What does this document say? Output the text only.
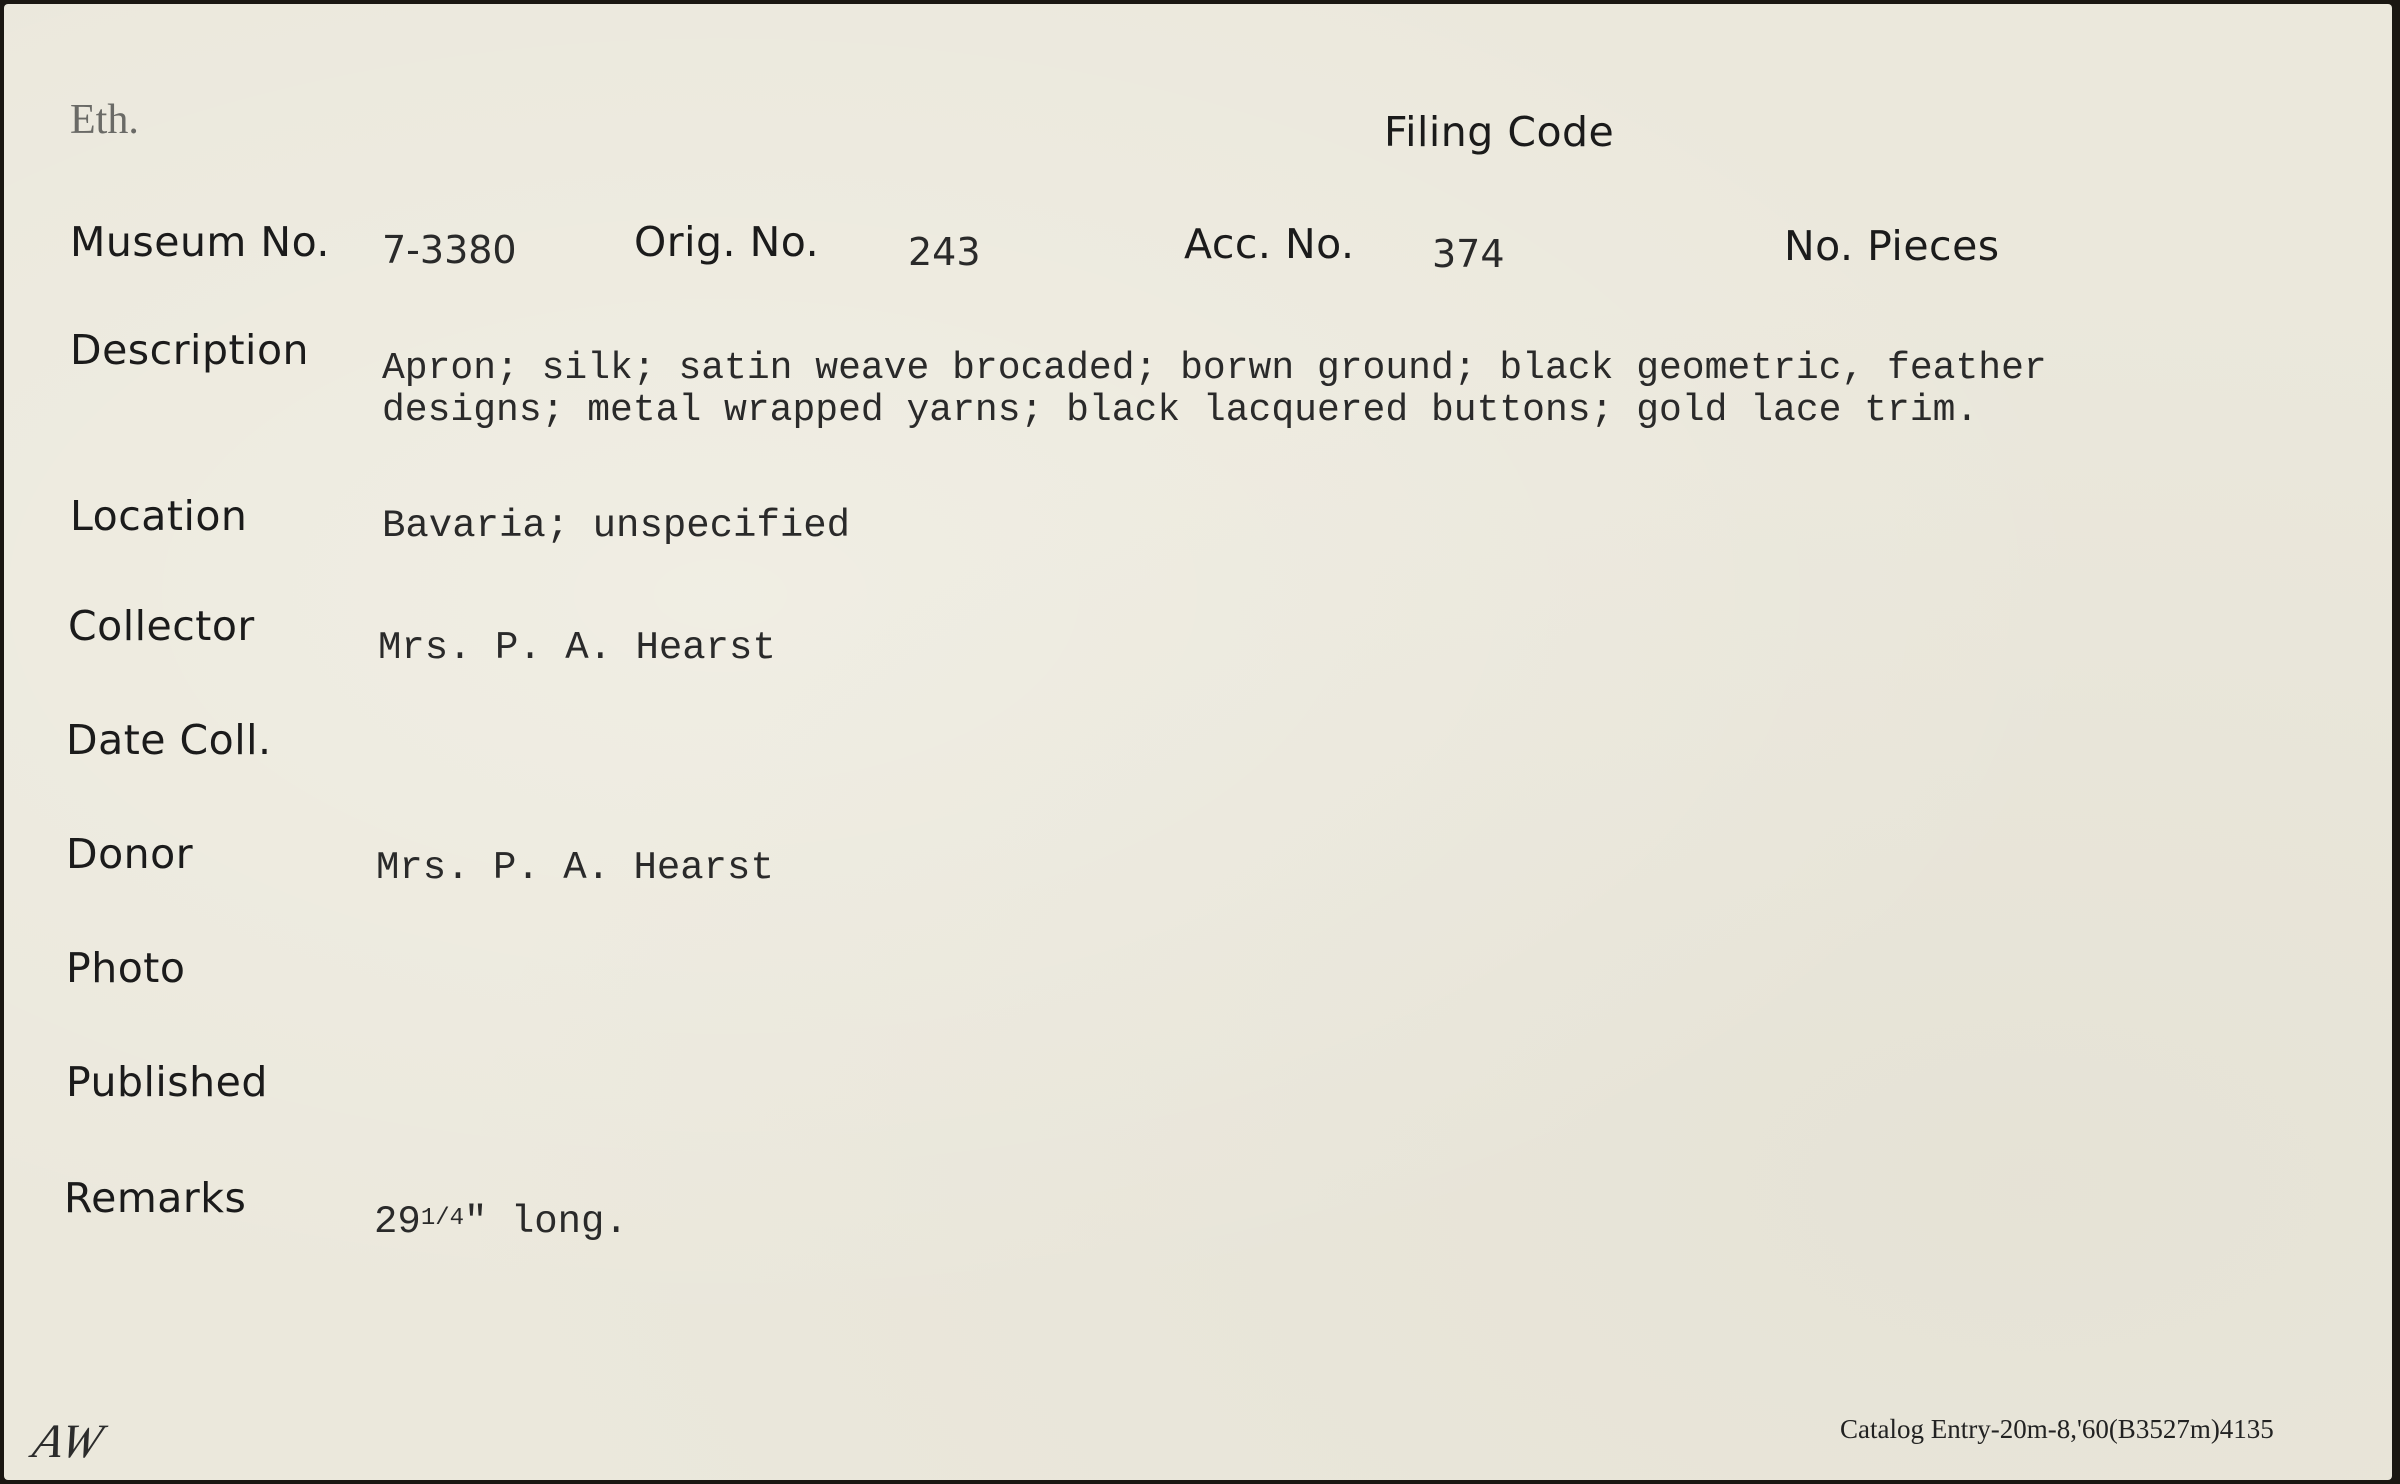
Eth.	Filing Code
Museum No. 7-3380	Orig. No. 243	Acc. No. 374	No. Pieces
Description Apron; silk; satin weave brocaded; borwn ground; black geometric, feather
designs; metal wrapped yarns; black lacquered buttons; gold lace trim.
Location	Bavaria; unspecified
Collector	Mrs. P. A. Hearst
Date Coll.
Donor	Mrs. P. A. Hearst
Photo
Published
Remarks	$29^{1/4}$" long.
AW	Catalog Entry-20m-8,'60(B3527m)4135
